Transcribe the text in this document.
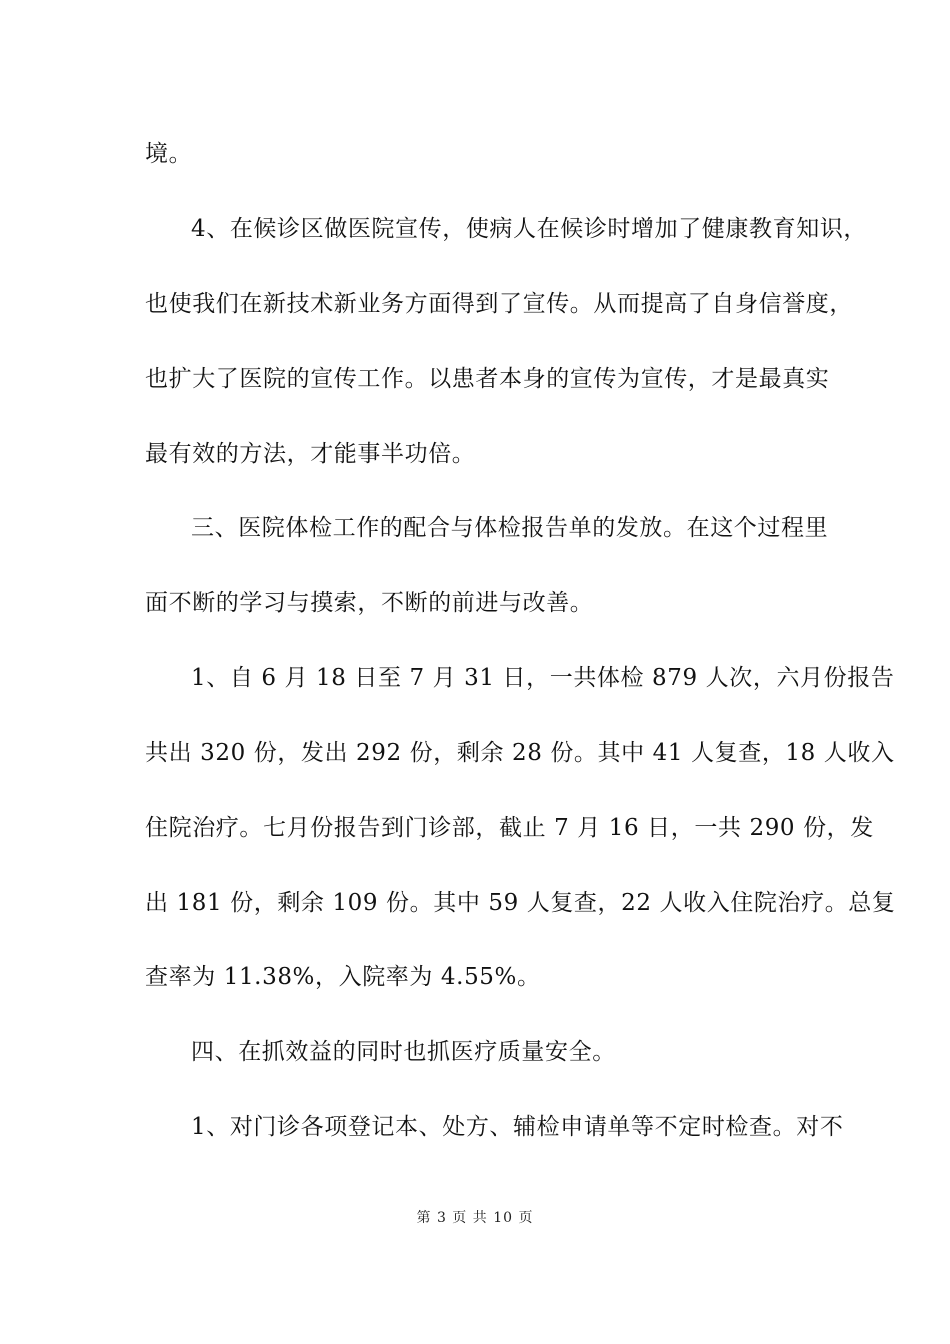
境。
4、在候诊区做医院宣传，使病人在候诊时增加了健康教育知识，
也使我们在新技术新业务方面得到了宣传。从而提高了自身信誉度，
也扩大了医院的宣传工作。以患者本身的宣传为宣传，才是最真实
最有效的方法，才能事半功倍。
三、医院体检工作的配合与体检报告单的发放。在这个过程里
面不断的学习与摸索，不断的前进与改善。
1、自 6 月 18 日至 7 月 31 日，一共体检 879 人次，六月份报告
共出 320 份，发出 292 份，剩余 28 份。其中 41 人复查，18 人收入
住院治疗。七月份报告到门诊部，截止 7 月 16 日，一共 290 份，发
出 181 份，剩余 109 份。其中 59 人复查，22 人收入住院治疗。总复
查率为 11.38%，入院率为 4.55%。
四、在抓效益的同时也抓医疗质量安全。
1、对门诊各项登记本、处方、辅检申请单等不定时检查。对不
第 3 页 共 10 页
